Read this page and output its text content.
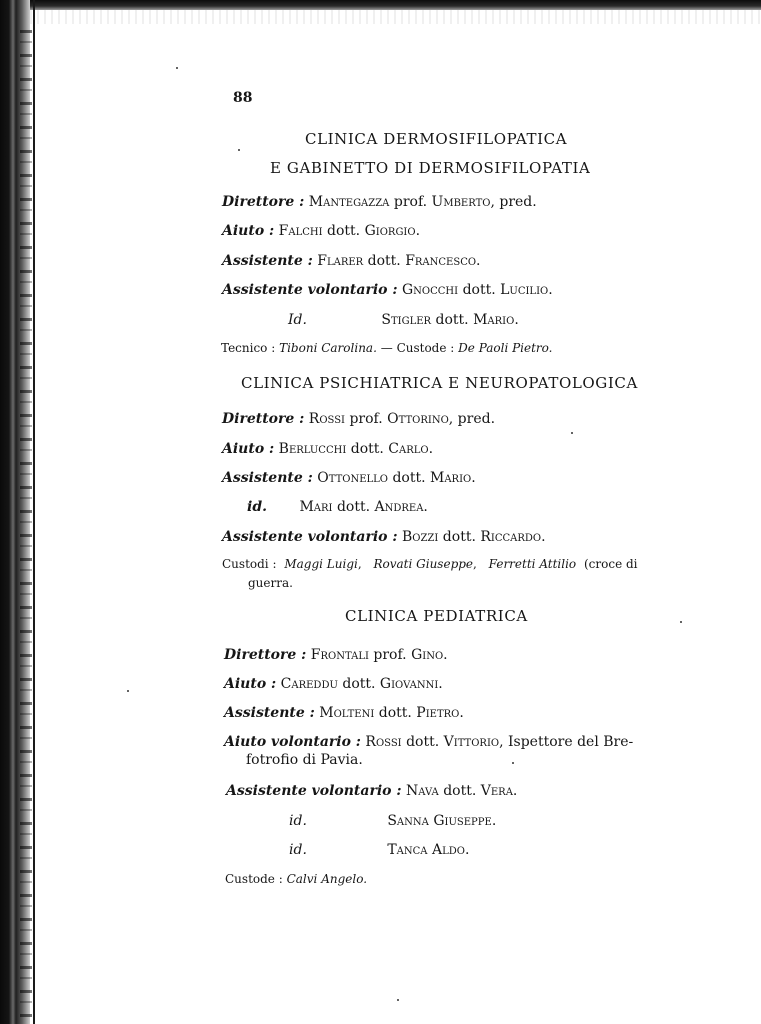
88
CLINICA DERMOSIFILOPATICA
E GABINETTO DI DERMOSIFILOPATIA
Direttore : Mantegazza prof. Umberto, pred.
Aiuto : Falchi dott. Giorgio.
Assistente : Flarer dott. Francesco.
Assistente volontario : Gnocchi dott. Lucilio.
Id.	Stigler dott. Mario.
Tecnico : Tiboni Carolina. — Custode : De Paoli Pietro.
CLINICA PSICHIATRICA E NEUROPATOLOGICA
Direttore : Rossi prof. Ottorino, pred.
Aiuto : Berlucchi dott. Carlo.
Assistente : Ottonello dott. Mario.
id. Mari dott. Andrea.
Assistente volontario : Bozzi dott. Riccardo.
Custodi : Maggi Luigi, Rovati Giuseppe, Ferretti Attilio (croce di
guerra.
CLINICA PEDIATRICA
Direttore : Frontali prof. Gino.
Aiuto : Careddu dott. Giovanni.
Assistente : Molteni dott. Pietro.
Aiuto volontario : Rossi dott. Vittorio, Ispettore del Bre-
fotrofio di Pavia.
Assistente volontario : Nava dott. Vera.
id.	Sanna Giuseppe.
id.	Tanca Aldo.
Custode : Calvi Angelo.
